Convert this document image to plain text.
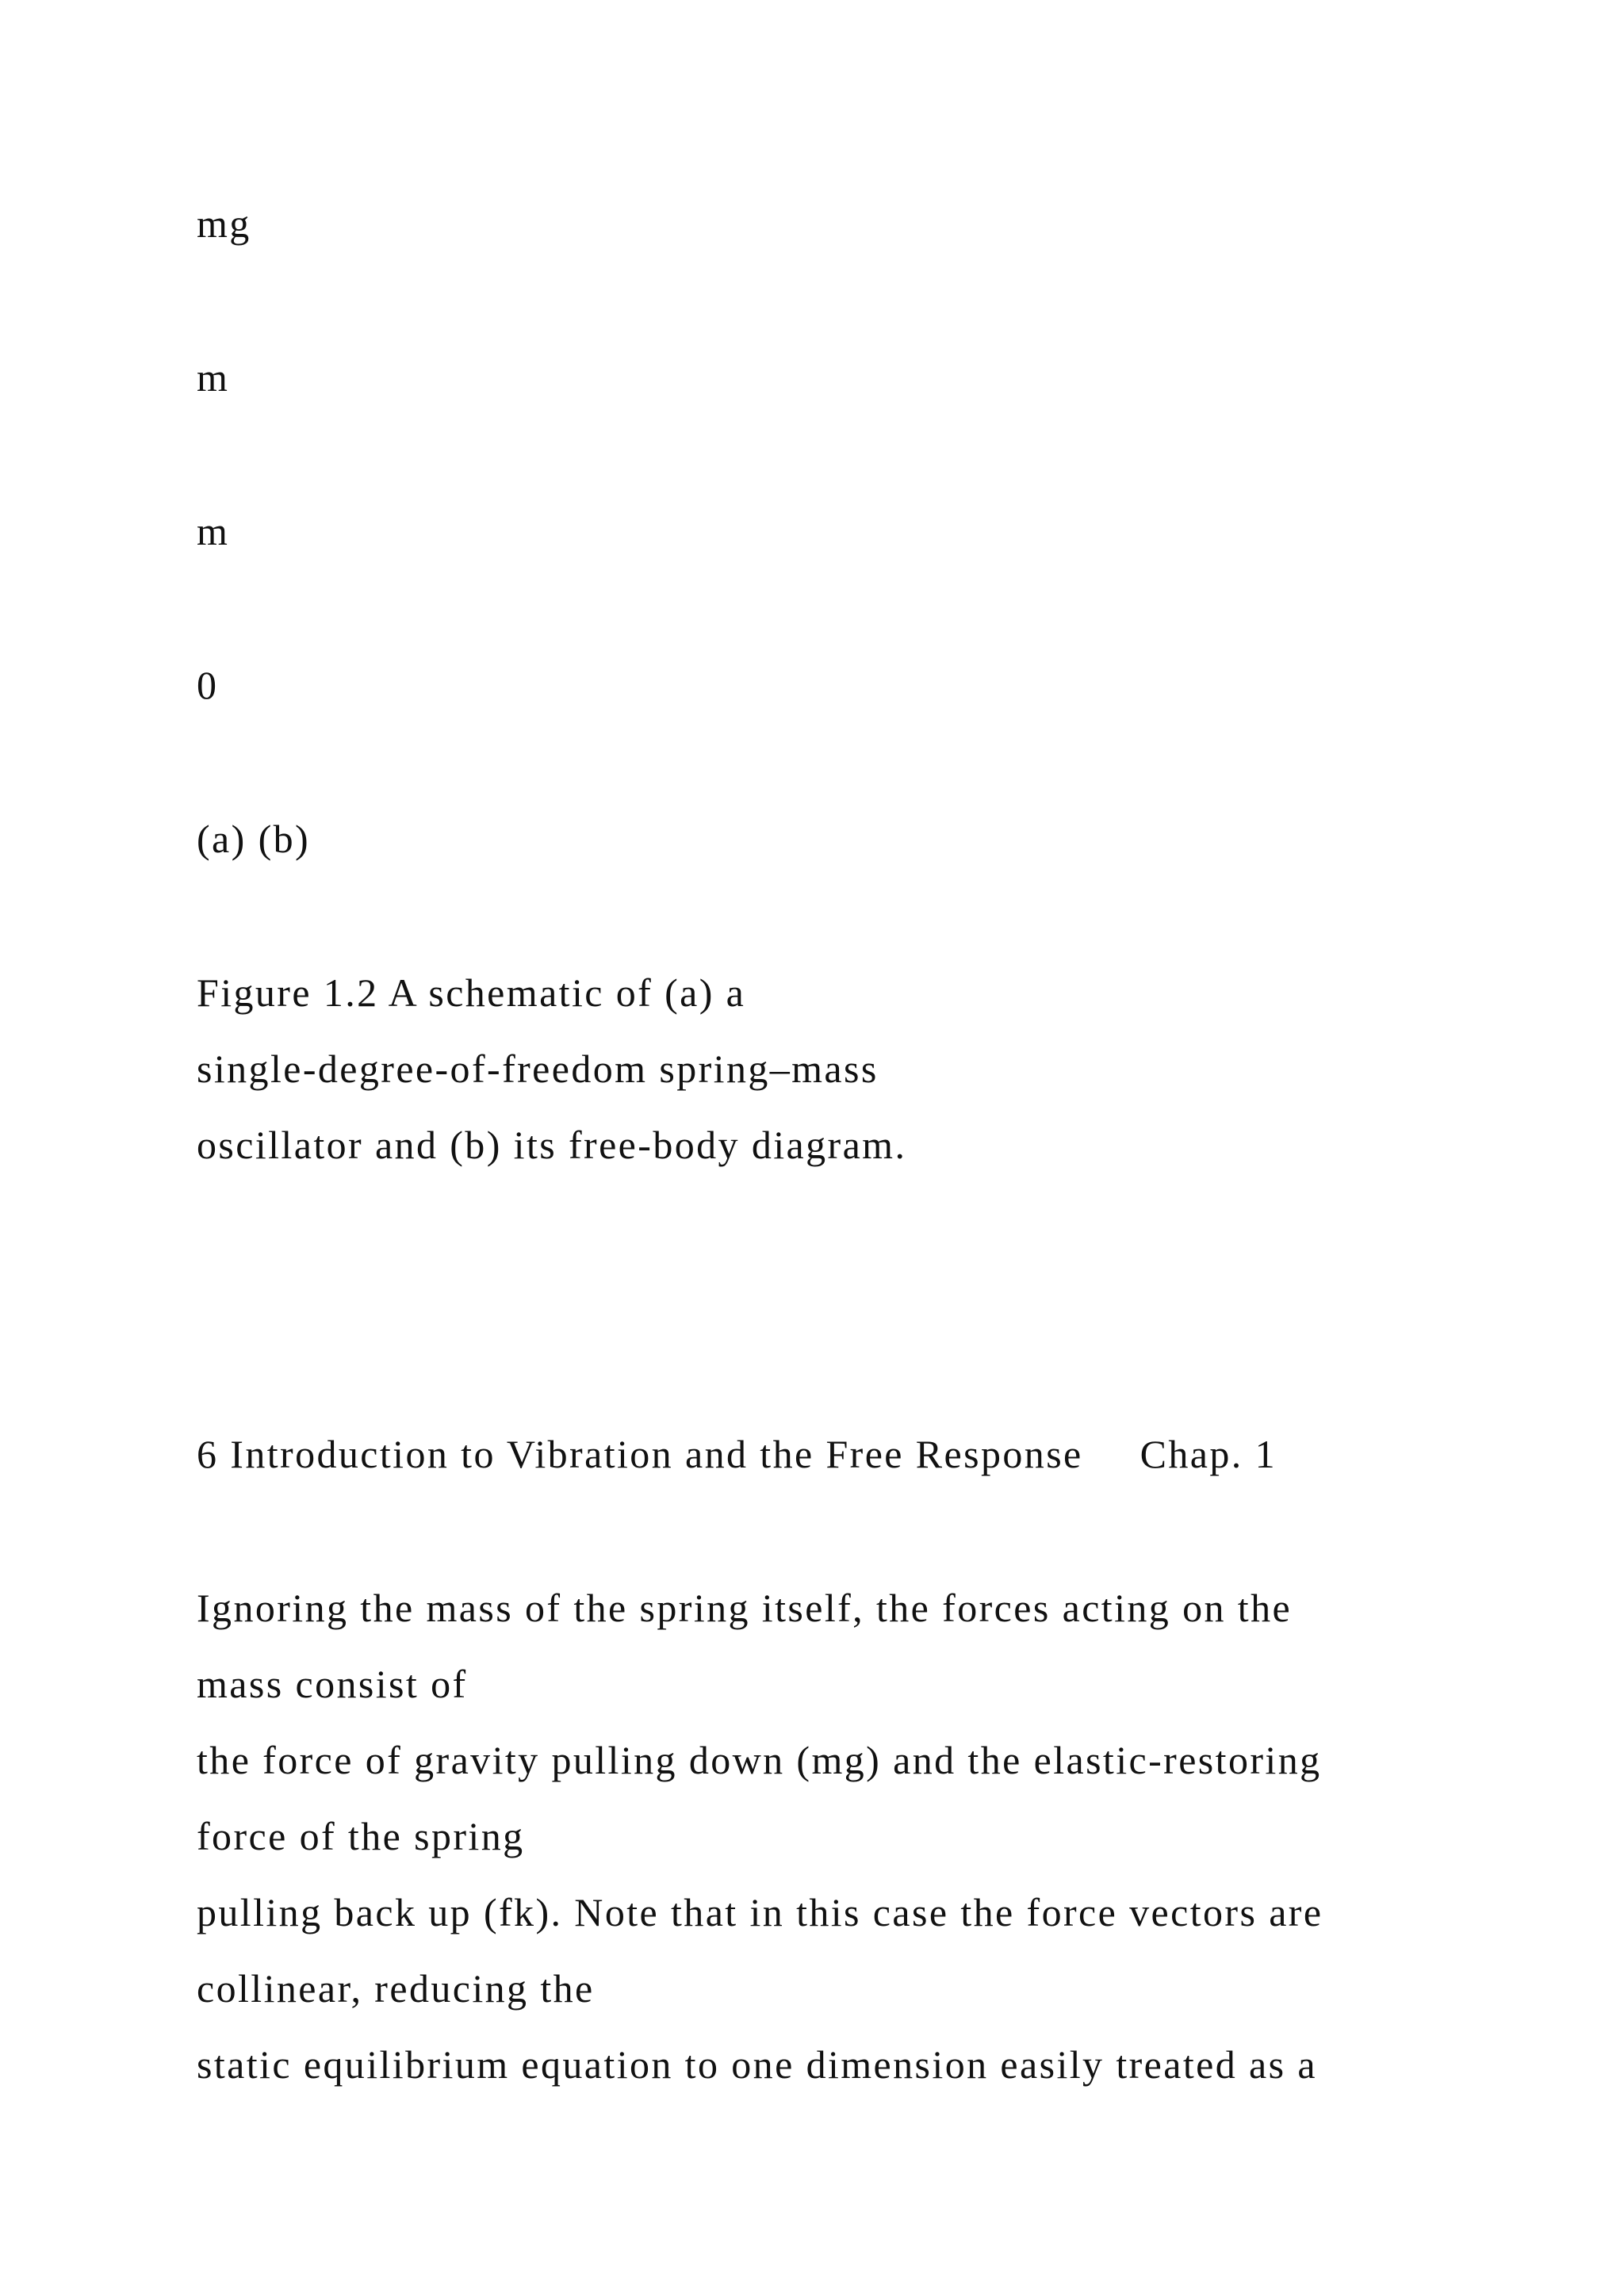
mg

m

m

0

(a) (b)

Figure 1.2 A schematic of (a) a

single-degree-of-freedom spring–mass

oscillator and (b) its free-body diagram.

6 Introduction to Vibration and the Free Response Chap. 1

Ignoring the mass of the spring itself, the forces acting on the

mass consist of

the force of gravity pulling down (mg) and the elastic-restoring

force of the spring

pulling back up (fk). Note that in this case the force vectors are

collinear, reducing the

static equilibrium equation to one dimension easily treated as a
